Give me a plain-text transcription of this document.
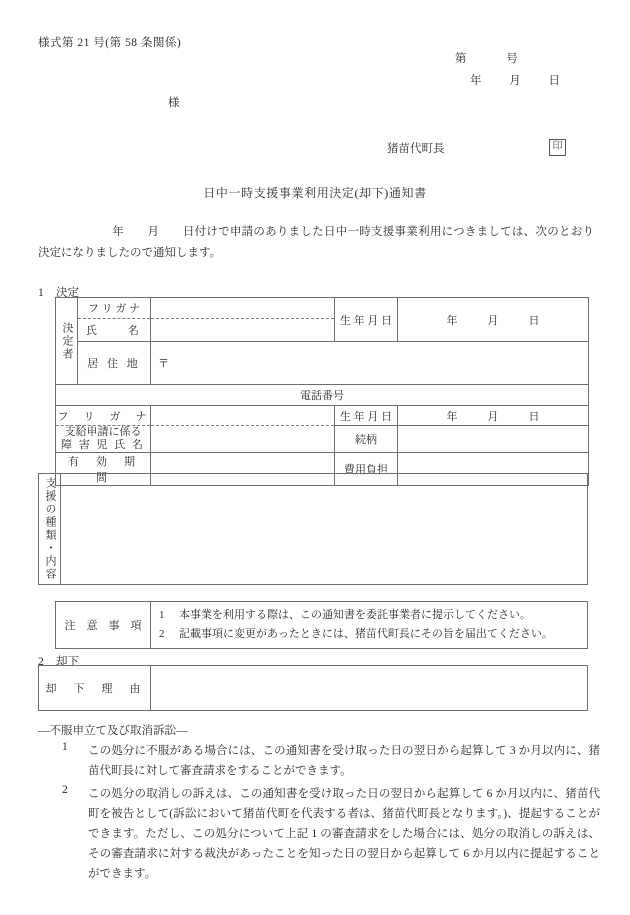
様式第 21 号(第 58 条関係)
第	号
年 月 日
様
猪苗代町長	印
日中一時支援事業利用決定(却下)通知書
年　　月　　日付けで申請のありました日中一時支援事業利用につきましては、次のとおり決定になりましたので通知します。
1 決定
決定者	フ リ ガ ナ		生 年 月 日	年 月 日
	氏　　名			
	居 住 地	〒		

電話番号				
フ　リ　ガ　ナ			生 年 月 日	年 月 日

支給申請に係る
障 害 児 氏 名			続柄	
有　効　期　間			費用負担	
支援の種類・内容

注　意　事　項	
1 本事業を利用する際は、この通知書を委託事業者に提示してください。
2 記載事項に変更があったときには、猪苗代町長にその旨を届出てください。
2 却下
却　下　理　由	
―不服申立て及び取消訴訟―
1	この処分に不服がある場合には、この通知書を受け取った日の翌日から起算して 3 か月以内に、猪苗代町長に対して審査請求をすることができます。
2	この処分の取消しの訴えは、この通知書を受け取った日の翌日から起算して 6 か月以内に、猪苗代町を被告として(訴訟において猪苗代町を代表する者は、猪苗代町長となります。)、提起することができます。ただし、この処分について上記 1 の審査請求をした場合には、処分の取消しの訴えは、その審査請求に対する裁決があったことを知った日の翌日から起算して 6 か月以内に提起することができます。
